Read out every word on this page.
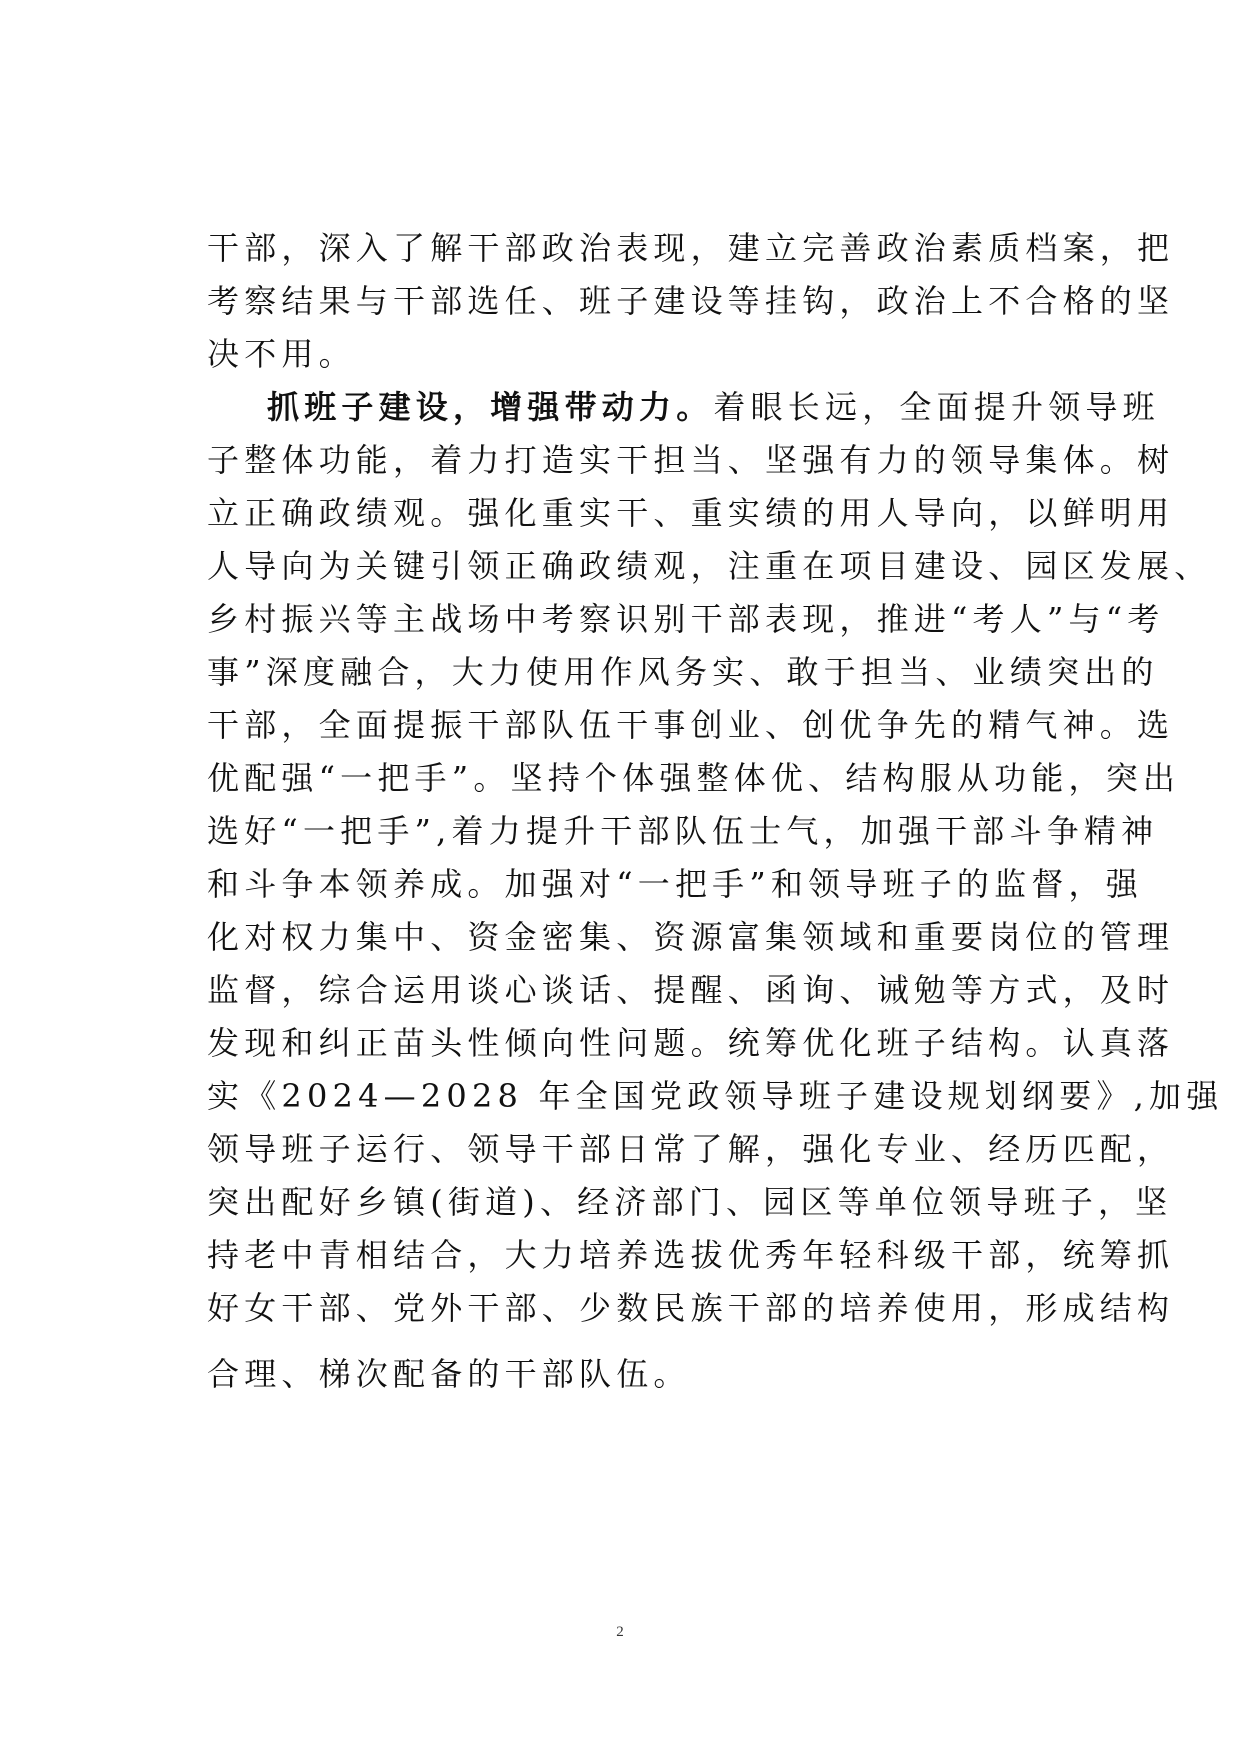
干部，深入了解干部政治表现，建立完善政治素质档案，把
考察结果与干部选任、班子建设等挂钩，政治上不合格的坚
决不用。
抓班子建设，增强带动力。着眼长远，全面提升领导班
子整体功能，着力打造实干担当、坚强有力的领导集体。树
立正确政绩观。强化重实干、重实绩的用人导向，以鲜明用
人导向为关键引领正确政绩观，注重在项目建设、园区发展、
乡村振兴等主战场中考察识别干部表现，推进“考人”与“考
事”深度融合，大力使用作风务实、敢于担当、业绩突出的
干部，全面提振干部队伍干事创业、创优争先的精气神。选
优配强“一把手”。坚持个体强整体优、结构服从功能，突出
选好“一把手”,着力提升干部队伍士气，加强干部斗争精神
和斗争本领养成。加强对“一把手”和领导班子的监督，强
化对权力集中、资金密集、资源富集领域和重要岗位的管理
监督，综合运用谈心谈话、提醒、函询、诫勉等方式，及时
发现和纠正苗头性倾向性问题。统筹优化班子结构。认真落
实《2024—2028 年全国党政领导班子建设规划纲要》,加强
领导班子运行、领导干部日常了解，强化专业、经历匹配，
突出配好乡镇(街道)、经济部门、园区等单位领导班子，坚
持老中青相结合，大力培养选拔优秀年轻科级干部，统筹抓
好女干部、党外干部、少数民族干部的培养使用，形成结构
合理、梯次配备的干部队伍。
2
